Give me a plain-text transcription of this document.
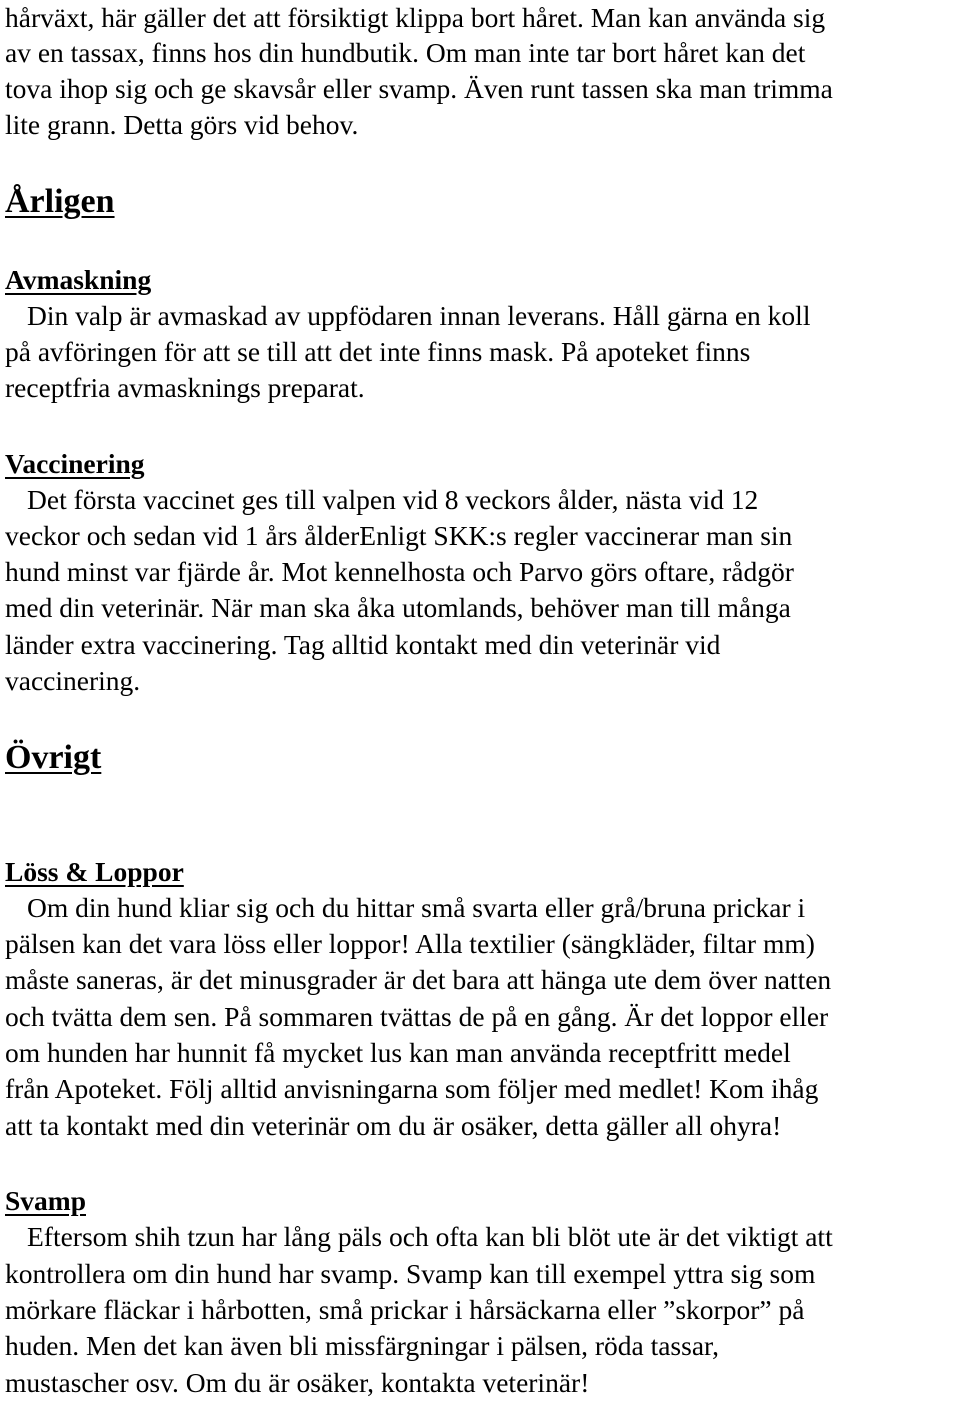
hårväxt, här gäller det att försiktigt klippa bort håret. Man kan använda sig
av en tassax, finns hos din hundbutik. Om man inte tar bort håret kan det
tova ihop sig och ge skavsår eller svamp. Även runt tassen ska man trimma
lite grann. Detta görs vid behov.
Årligen
Avmaskning
Din valp är avmaskad av uppfödaren innan leverans. Håll gärna en koll
på avföringen för att se till att det inte finns mask. På apoteket finns
receptfria avmasknings preparat.
Vaccinering
Det första vaccinet ges till valpen vid 8 veckors ålder, nästa vid 12
veckor och sedan vid 1 års ålderEnligt SKK:s regler vaccinerar man sin
hund minst var fjärde år. Mot kennelhosta och Parvo görs oftare, rådgör
med din veterinär. När man ska åka utomlands, behöver man till många
länder extra vaccinering. Tag alltid kontakt med din veterinär vid
vaccinering.
Övrigt
Löss & Loppor
Om din hund kliar sig och du hittar små svarta eller grå/bruna prickar i
pälsen kan det vara löss eller loppor! Alla textilier (sängkläder, filtar mm)
måste saneras, är det minusgrader är det bara att hänga ute dem över natten
och tvätta dem sen. På sommaren tvättas de på en gång. Är det loppor eller
om hunden har hunnit få mycket lus kan man använda receptfritt medel
från Apoteket. Följ alltid anvisningarna som följer med medlet! Kom ihåg
att ta kontakt med din veterinär om du är osäker, detta gäller all ohyra!
Svamp
Eftersom shih tzun har lång päls och ofta kan bli blöt ute är det viktigt att
kontrollera om din hund har svamp. Svamp kan till exempel yttra sig som
mörkare fläckar i hårbotten, små prickar i hårsäckarna eller ”skorpor” på
huden. Men det kan även bli missfärgningar i pälsen, röda tassar,
mustascher osv. Om du är osäker, kontakta veterinär!
